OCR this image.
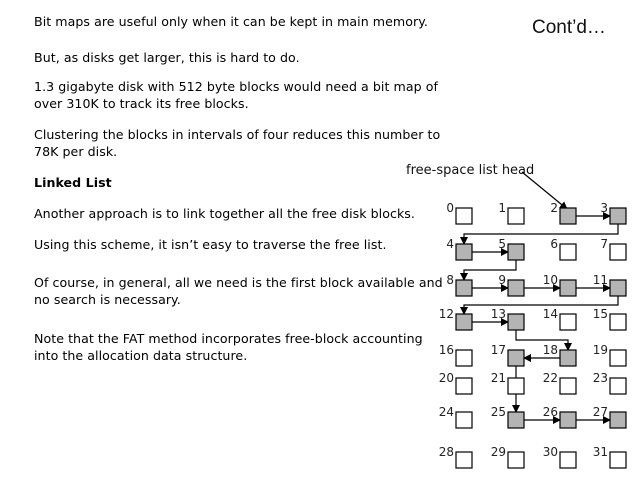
Cont’d…

Bit maps are useful only when it can be kept in main memory.

But, as disks get larger, this is hard to do.

1.3 gigabyte disk with 512 byte blocks would need a bit map of

over 310K to track its free blocks.

Clustering the blocks in intervals of four reduces this number to

78K per disk.

Linked List

Another approach is to link together all the free disk blocks.

Using this scheme, it isn’t easy to traverse the free list.

Of course, in general, all we need is the first block available and

no search is necessary.

Note that the FAT method incorporates free-block accounting

into the allocation data structure.

free-space list head
0	1	2	3
4	5	6	7
8	9	10	11
12	13	14	15
16	17	18	19
20	21	22	23
24	25	26	27
28	29	30	31
